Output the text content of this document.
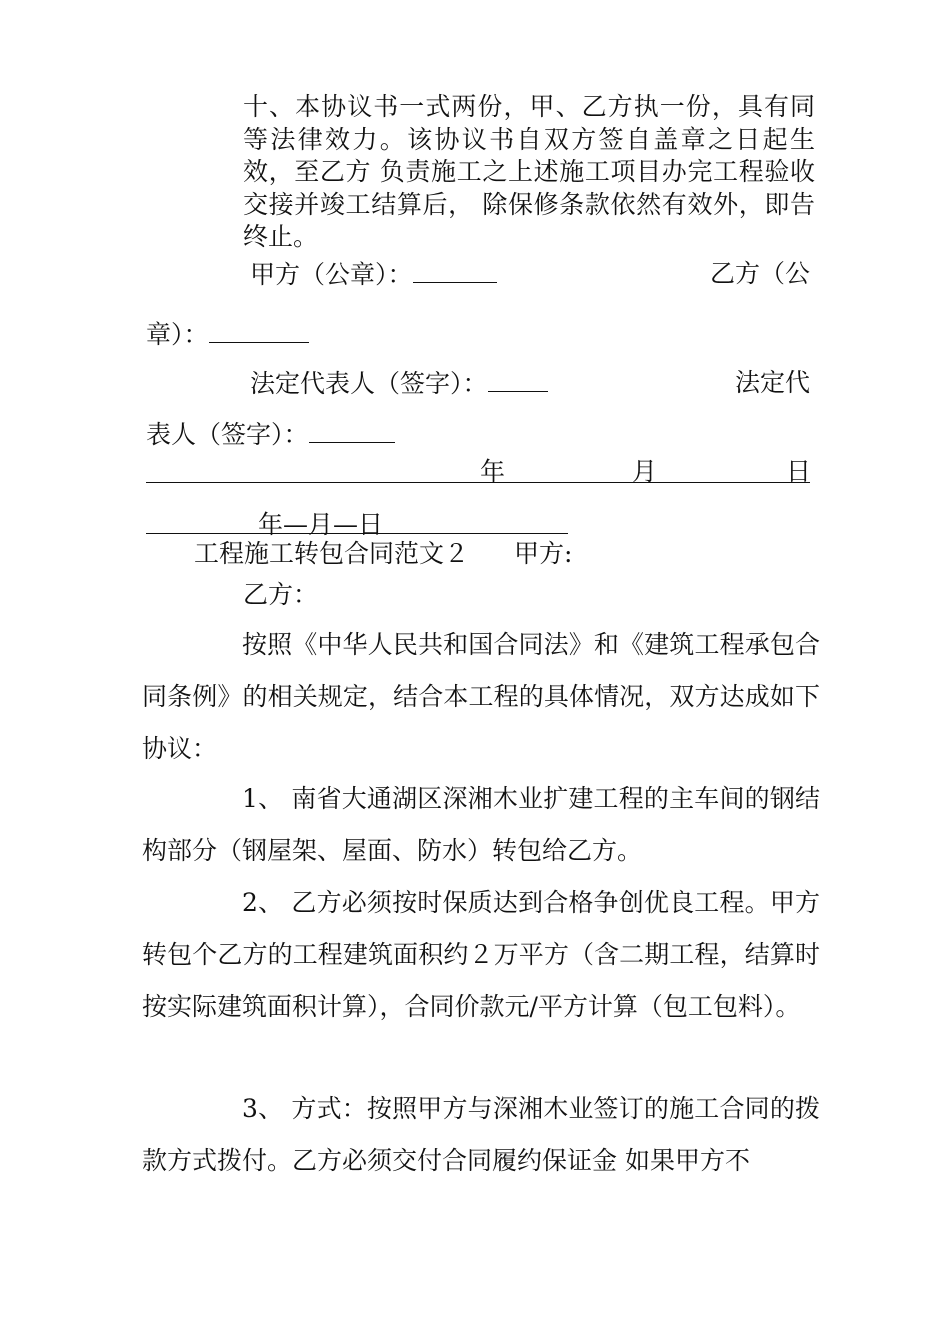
十、本协议书一式两份，甲、乙方执一份，具有同等法律效力。该协议书自双方签自盖章之日起生效，至乙方 负责施工之上述施工项目办完工程验收交接并竣工结算后， 除保修条款依然有效外，即告终止。
甲方（公章）：	乙方（公
章）：
法定代表人（签字）：	法定代
表人（签字）：
年	月	日
年—月—日
工程施工转包合同范文２ 甲方:
乙方：
按照《中华人民共和国合同法》和《建筑工程承包合同条例》的相关规定，结合本工程的具体情况，双方达成如下协议：
1、 南省大通湖区深湘木业扩建工程的主车间的钢结构部分（钢屋架、屋面、防水）转包给乙方。
2、 乙方必须按时保质达到合格争创优良工程。甲方转包个乙方的工程建筑面积约２万平方（含二期工程，结算时按实际建筑面积计算），合同价款元/平方计算（包工包料）。
3、 方式：按照甲方与深湘木业签订的施工合同的拨款方式拨付。乙方必须交付合同履约保证金 如果甲方不
